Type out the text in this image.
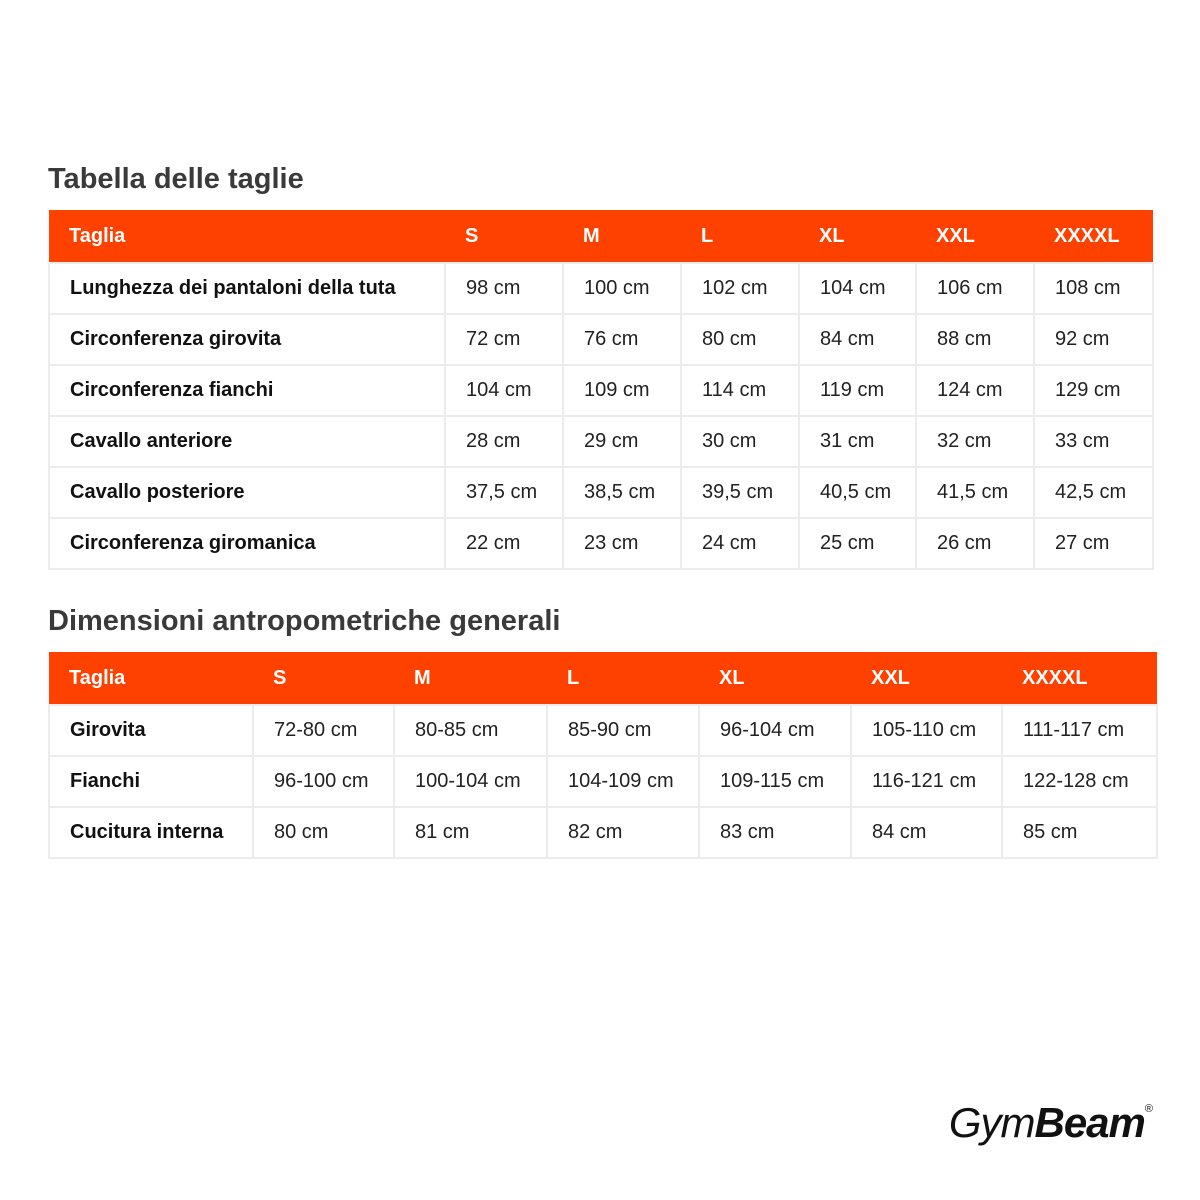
Tabella delle taglie
Taglia	S	M	L	XL	XXL	XXXXL
Lunghezza dei pantaloni della tuta	98 cm	100 cm	102 cm	104 cm	106 cm	108 cm
Circonferenza girovita	72 cm	76 cm	80 cm	84 cm	88 cm	92 cm
Circonferenza fianchi	104 cm	109 cm	114 cm	119 cm	124 cm	129 cm
Cavallo anteriore	28 cm	29 cm	30 cm	31 cm	32 cm	33 cm
Cavallo posteriore	37,5 cm	38,5 cm	39,5 cm	40,5 cm	41,5 cm	42,5 cm
Circonferenza giromanica	22 cm	23 cm	24 cm	25 cm	26 cm	27 cm
Dimensioni antropometriche generali
Taglia	S	M	L	XL	XXL	XXXXL
Girovita	72-80 cm	80-85 cm	85-90 cm	96-104 cm	105-110 cm	111-117 cm
Fianchi	96-100 cm	100-104 cm	104-109 cm	109-115 cm	116-121 cm	122-128 cm
Cucitura interna	80 cm	81 cm	82 cm	83 cm	84 cm	85 cm
GymBeam®
